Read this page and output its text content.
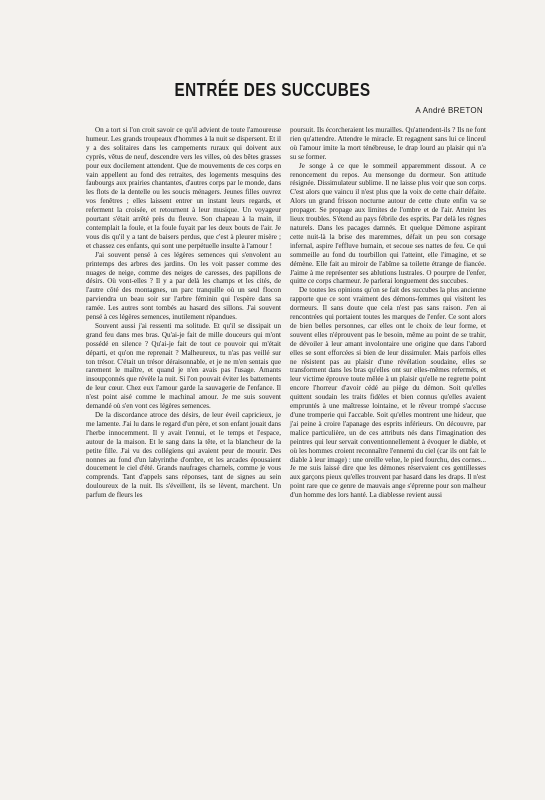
ENTRÉE DES SUCCUBES
A André BRETON

On a tort si l'on croit savoir ce qu'il advient de toute l'amoureuse humeur. Les grands troupeaux d'hommes à la nuit se dispersent. Et il y a des solitaires dans les campements ruraux qui doivent aux cyprès, vêtus de neuf, descendre vers les villes, où des bêtes grasses pour eux docilement attendent. Que de mouvements de ces corps en vain appellent au fond des retraites, des logements mesquins des faubourgs aux prairies chantantes, d'autres corps par le monde, dans les flots de la dentelle ou les soucis ménagers. Jeunes filles ouvrez vos fenêtres ; elles laissent entrer un instant leurs regards, et referment la croisée, et retournent à leur musique. Un voyageur pourtant s'était arrêté près du fleuve. Son chapeau à la main, il contemplait la foule, et la foule fuyait par les deux bouts de l'air. Je vous dis qu'il y a tant de baisers perdus, que c'est à pleurer misère ; et chassez ces enfants, qui sont une perpétuelle insulte à l'amour !

J'ai souvent pensé à ces légères semences qui s'envolent au printemps des arbres des jardins. On les voit passer comme des nuages de neige, comme des neiges de caresses, des papillons de désirs. Où vont-elles ? Il y a par delà les champs et les cités, de l'autre côté des montagnes, un parc tranquille où un seul flocon parviendra un beau soir sur l'arbre féminin qui l'espère dans sa ramée. Les autres sont tombés au hasard des sillons. J'ai souvent pensé à ces légères semences, inutilement répandues.

Souvent aussi j'ai ressenti ma solitude. Et qu'il se dissipait un grand feu dans mes bras. Qu'ai-je fait de mille douceurs qui m'ont possédé en silence ? Qu'ai-je fait de tout ce pouvoir qui m'était départi, et qu'on me reprenait ? Malheureux, tu n'as pas veillé sur ton trésor. C'était un trésor déraisonnable, et je ne m'en sentais que rarement le maître, et quand je n'en avais pas l'usage. Amants insoupçonnés que révèle la nuit. Si l'on pouvait éviter les battements de leur cœur. Chez eux l'amour garde la sauvagerie de l'enfance. Il n'est point aisé comme le machinal amour. Je me suis souvent demandé où s'en vont ces légères semences.

De la discordance atroce des désirs, de leur éveil capricieux, je me lamente. J'ai lu dans le regard d'un père, et son enfant jouait dans l'herbe innocemment. Il y avait l'ennui, et le temps et l'espace, autour de la maison. Et le sang dans la tête, et la blancheur de la petite fille. J'ai vu des collégiens qui avaient peur de mourir. Des nonnes au fond d'un labyrinthe d'ombre, et les arcades épousaient doucement le ciel d'été. Grands naufrages charnels, comme je vous comprends. Tant d'appels sans réponses, tant de signes au sein douloureux de la nuit. Ils s'éveillent, ils se lèvent, marchent. Un parfum de fleurs les

poursuit. Ils écorcheraient les murailles. Qu'attendent-ils ? Ils ne font rien qu'attendre. Attendre le miracle. Et regagnent sans lui ce linceul où l'amour imite la mort ténébreuse, le drap lourd au plaisir qui n'a su se former.

Je songe à ce que le sommeil apparemment dissout. A ce renoncement du repos. Au mensonge du dormeur. Son attitude résignée. Dissimulateur sublime. Il ne laisse plus voir que son corps. C'est alors que vaincu il n'est plus que la voix de cette chair défaite. Alors un grand frisson nocturne autour de cette chute enfin va se propager. Se propage aux limites de l'ombre et de l'air. Atteint les lieux troubles. S'étend au pays fébrile des esprits. Par delà les règnes naturels. Dans les pacages damnés. Et quelque Démone aspirant cette nuit-là la brise des maremmes, défait un peu son corsage infernal, aspire l'effluve humain, et secoue ses nattes de feu. Ce qui sommeille au fond du tourbillon qui l'atteint, elle l'imagine, et se démène. Elle fait au miroir de l'abîme sa toilette étrange de fiancée. J'aime à me représenter ses ablutions lustrales. O pourpre de l'enfer, quitte ce corps charmeur. Je parlerai longuement des succubes.

De toutes les opinions qu'on se fait des succubes la plus ancienne rapporte que ce sont vraiment des démons-femmes qui visitent les dormeurs. Il sans doute que cela n'est pas sans raison. J'en ai rencontrées qui portaient toutes les marques de l'enfer. Ce sont alors de bien belles personnes, car elles ont le choix de leur forme, et souvent elles n'éprouvent pas le besoin, même au point de se trahir, de dévoiler à leur amant involontaire une origine que dans l'abord elles se sont efforcées si bien de leur dissimuler. Mais parfois elles ne résistent pas au plaisir d'une révélation soudaine, elles se transforment dans les bras qu'elles ont sur elles-mêmes refermés, et leur victime éprouve toute mêlée à un plaisir qu'elle ne regrette point encore l'horreur d'avoir cédé au piège du démon. Soit qu'elles quittent soudain les traits fidèles et bien connus qu'elles avaient empruntés à une maîtresse lointaine, et le rêveur trompé s'accuse d'une tromperie qui l'accable. Soit qu'elles montrent une hideur, que j'ai peine à croire l'apanage des esprits inférieurs. On découvre, par malice particulière, un de ces attributs nés dans l'imagination des peintres qui leur servait conventionnellement à évoquer le diable, et où les hommes croient reconnaître l'ennemi du ciel (car ils ont fait le diable à leur image) : une oreille velue, le pied fourchu, des cornes... Je me suis laissé dire que les démones réservaient ces gentillesses aux garçons pieux qu'elles trouvent par hasard dans les draps. Il n'est point rare que ce genre de mauvais ange s'éprenne pour son malheur d'un homme des lors hanté. La diablesse revient aussi
